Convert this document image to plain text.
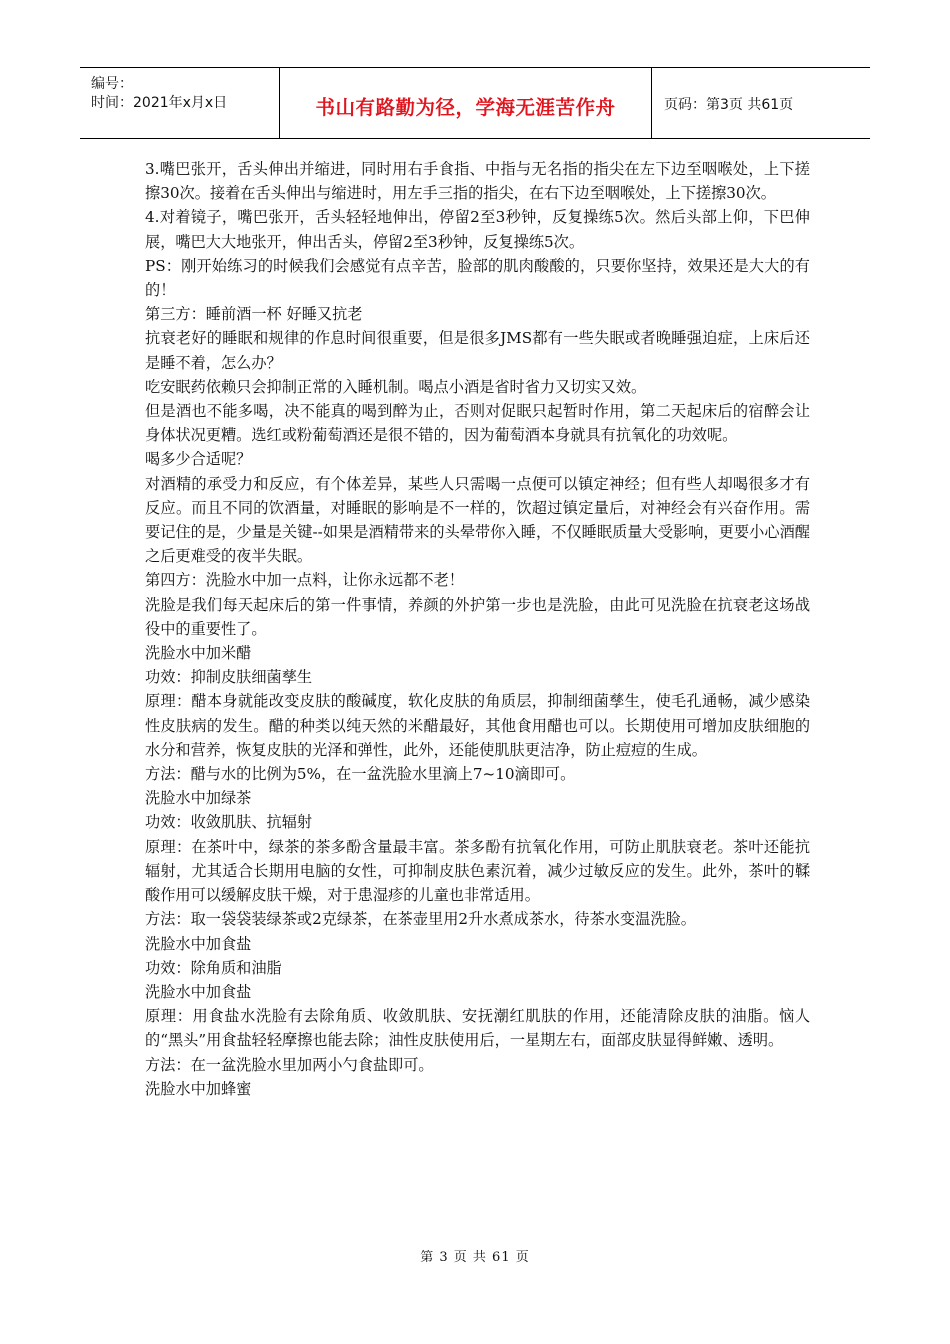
编号：
时间：2021年x月x日	书山有路勤为径，学海无涯苦作舟	页码：第3页 共61页

3.嘴巴张开，舌头伸出并缩进，同时用右手食指、中指与无名指的指尖在左下边至咽喉处，上下搓擦30次。接着在舌头伸出与缩进时，用左手三指的指尖，在右下边至咽喉处，上下搓擦30次。

4.对着镜子，嘴巴张开，舌头轻轻地伸出，停留2至3秒钟，反复操练5次。然后头部上仰，下巴伸展，嘴巴大大地张开，伸出舌头，停留2至3秒钟，反复操练5次。

PS：刚开始练习的时候我们会感觉有点辛苦，脸部的肌肉酸酸的，只要你坚持，效果还是大大的有的！

第三方：睡前酒一杯 好睡又抗老

抗衰老好的睡眠和规律的作息时间很重要，但是很多JMS都有一些失眠或者晚睡强迫症，上床后还是睡不着，怎么办？

吃安眠药依赖只会抑制正常的入睡机制。喝点小酒是省时省力又切实又效。

但是酒也不能多喝，决不能真的喝到醉为止，否则对促眠只起暂时作用，第二天起床后的宿醉会让身体状况更糟。选红或粉葡萄酒还是很不错的，因为葡萄酒本身就具有抗氧化的功效呢。

喝多少合适呢？

对酒精的承受力和反应，有个体差异，某些人只需喝一点便可以镇定神经；但有些人却喝很多才有反应。而且不同的饮酒量，对睡眠的影响是不一样的，饮超过镇定量后，对神经会有兴奋作用。需要记住的是，少量是关键--如果是酒精带来的头晕带你入睡，不仅睡眠质量大受影响，更要小心酒醒之后更难受的夜半失眠。

第四方：洗脸水中加一点料，让你永远都不老！

洗脸是我们每天起床后的第一件事情，养颜的外护第一步也是洗脸，由此可见洗脸在抗衰老这场战役中的重要性了。

洗脸水中加米醋

功效：抑制皮肤细菌孳生

原理：醋本身就能改变皮肤的酸碱度，软化皮肤的角质层，抑制细菌孳生，使毛孔通畅，减少感染性皮肤病的发生。醋的种类以纯天然的米醋最好，其他食用醋也可以。长期使用可增加皮肤细胞的水分和营养，恢复皮肤的光泽和弹性，此外，还能使肌肤更洁净，防止痘痘的生成。

方法：醋与水的比例为5%，在一盆洗脸水里滴上7~10滴即可。

洗脸水中加绿茶

功效：收敛肌肤、抗辐射

原理：在茶叶中，绿茶的茶多酚含量最丰富。茶多酚有抗氧化作用，可防止肌肤衰老。茶叶还能抗辐射，尤其适合长期用电脑的女性，可抑制皮肤色素沉着，减少过敏反应的发生。此外，茶叶的鞣酸作用可以缓解皮肤干燥，对于患湿疹的儿童也非常适用。

方法：取一袋袋装绿茶或2克绿茶，在茶壶里用2升水煮成茶水，待茶水变温洗脸。

洗脸水中加食盐

功效：除角质和油脂

洗脸水中加食盐

原理：用食盐水洗脸有去除角质、收敛肌肤、安抚潮红肌肤的作用，还能清除皮肤的油脂。恼人的“黑头”用食盐轻轻摩擦也能去除；油性皮肤使用后，一星期左右，面部皮肤显得鲜嫩、透明。

方法：在一盆洗脸水里加两小勺食盐即可。

洗脸水中加蜂蜜

第 3 页 共 61 页
